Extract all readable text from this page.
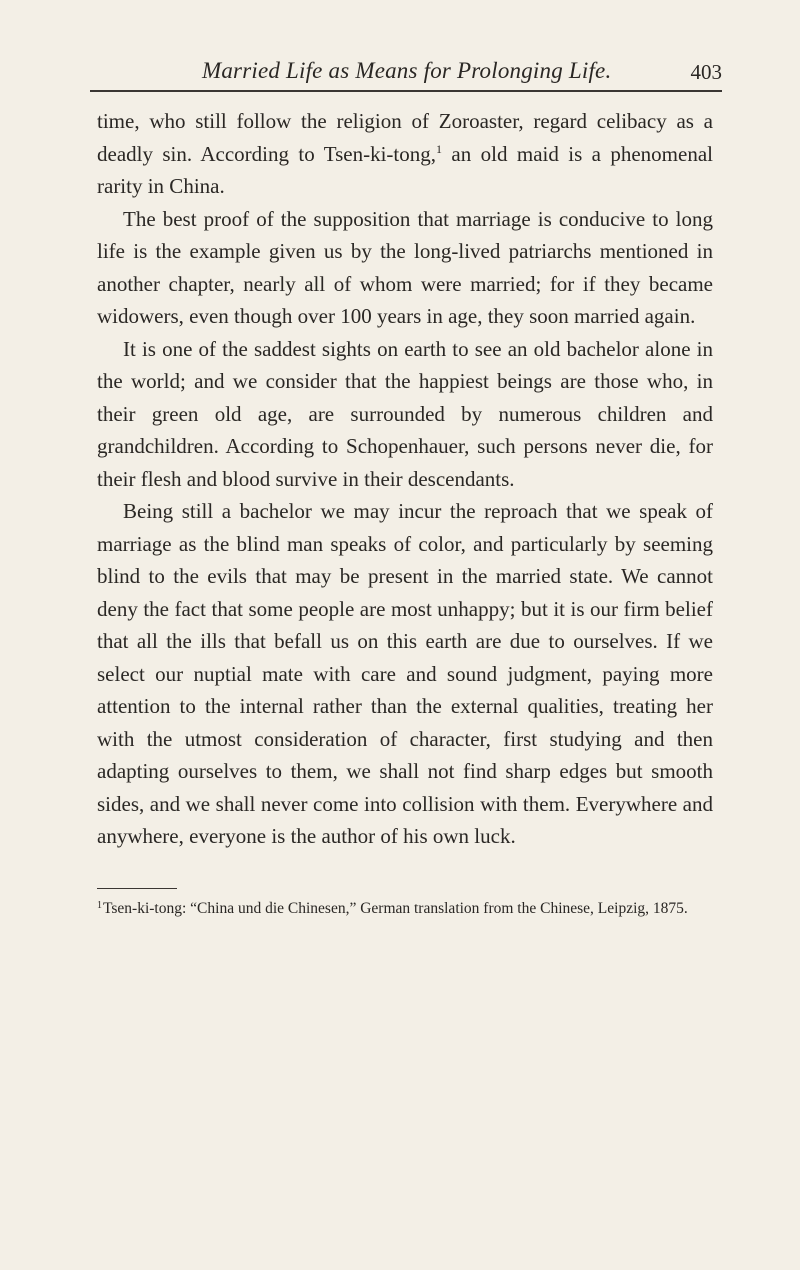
Married Life as Means for Prolonging Life.	403

time, who still follow the religion of Zoroaster, regard celibacy as a deadly sin. According to Tsen-ki-tong,$^1$ an old maid is a phenomenal rarity in China.

The best proof of the supposition that marriage is conducive to long life is the example given us by the long-lived patriarchs mentioned in another chapter, nearly all of whom were married; for if they became widowers, even though over 100 years in age, they soon married again.

It is one of the saddest sights on earth to see an old bachelor alone in the world; and we consider that the happiest beings are those who, in their green old age, are surrounded by numerous children and grandchildren. According to Schopenhauer, such persons never die, for their flesh and blood survive in their descendants.

Being still a bachelor we may incur the reproach that we speak of marriage as the blind man speaks of color, and particularly by seeming blind to the evils that may be present in the married state. We cannot deny the fact that some people are most unhappy; but it is our firm belief that all the ills that befall us on this earth are due to ourselves. If we select our nuptial mate with care and sound judgment, paying more attention to the internal rather than the external qualities, treating her with the utmost consideration of character, first studying and then adapting ourselves to them, we shall not find sharp edges but smooth sides, and we shall never come into collision with them. Everywhere and anywhere, everyone is the author of his own luck.

$^1$Tsen-ki-tong: “China und die Chinesen,” German translation from the Chinese, Leipzig, 1875.
